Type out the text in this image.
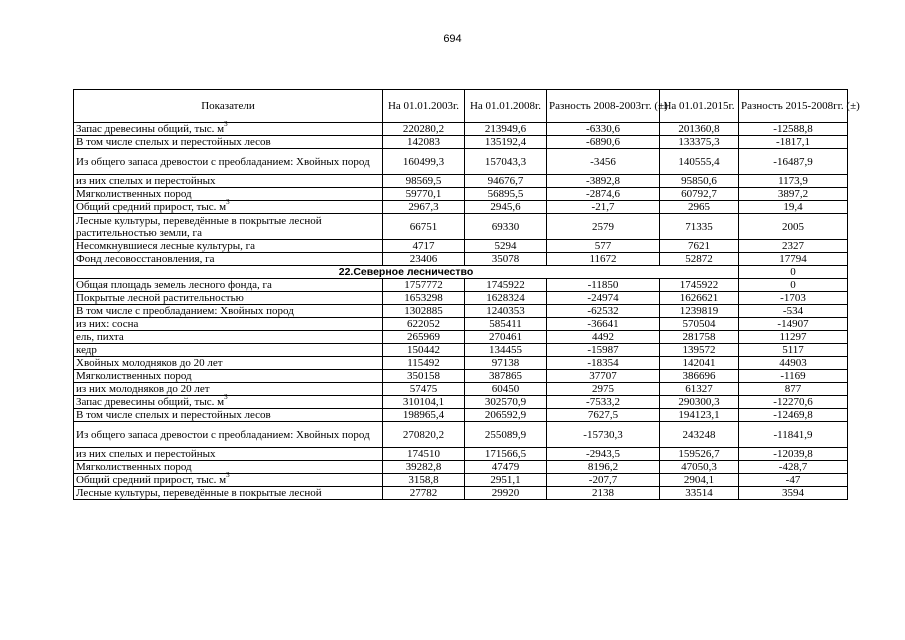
694
Показатели	На 01.01.2003г.	На 01.01.2008г.	Разность 2008-2003гг. (±)	На 01.01.2015г.	Разность 2015-2008гг. (±)
Запас древесины общий, тыс. $м^3$	220280,2	213949,6	-6330,6	201360,8	-12588,8
В том числе спелых и перестойных лесов	142083	135192,4	-6890,6	133375,3	-1817,1
Из общего запаса древостои с преобладанием: Хвойных пород	160499,3	157043,3	-3456	140555,4	-16487,9
из них спелых и перестойных	98569,5	94676,7	-3892,8	95850,6	1173,9
Мягколиственных пород	59770,1	56895,5	-2874,6	60792,7	3897,2
Общий средний прирост, тыс. $м^3$	2967,3	2945,6	-21,7	2965	19,4
Лесные культуры, переведённые в покрытые лесной растительностью земли, га	66751	69330	2579	71335	2005
Несомкнувшиеся лесные культуры, га	4717	5294	577	7621	2327
Фонд лесовосстановления, га	23406	35078	11672	52872	17794
22.Северное лесничество					0
Общая площадь земель лесного фонда, га	1757772	1745922	-11850	1745922	0
Покрытые лесной растительностью	1653298	1628324	-24974	1626621	-1703
В том числе с преобладанием: Хвойных пород	1302885	1240353	-62532	1239819	-534
из них: сосна	622052	585411	-36641	570504	-14907
ель, пихта	265969	270461	4492	281758	11297
кедр	150442	134455	-15987	139572	5117
Хвойных молодняков до 20 лет	115492	97138	-18354	142041	44903
Мягколиственных пород	350158	387865	37707	386696	-1169
из них молодняков до 20 лет	57475	60450	2975	61327	877
Запас древесины общий, тыс. $м^3$	310104,1	302570,9	-7533,2	290300,3	-12270,6
В том числе спелых и перестойных лесов	198965,4	206592,9	7627,5	194123,1	-12469,8
Из общего запаса древостои с преобладанием: Хвойных пород	270820,2	255089,9	-15730,3	243248	-11841,9
из них спелых и перестойных	174510	171566,5	-2943,5	159526,7	-12039,8
Мягколиственных пород	39282,8	47479	8196,2	47050,3	-428,7
Общий средний прирост, тыс. $м^3$	3158,8	2951,1	-207,7	2904,1	-47
Лесные культуры, переведённые в покрытые лесной	27782	29920	2138	33514	3594
